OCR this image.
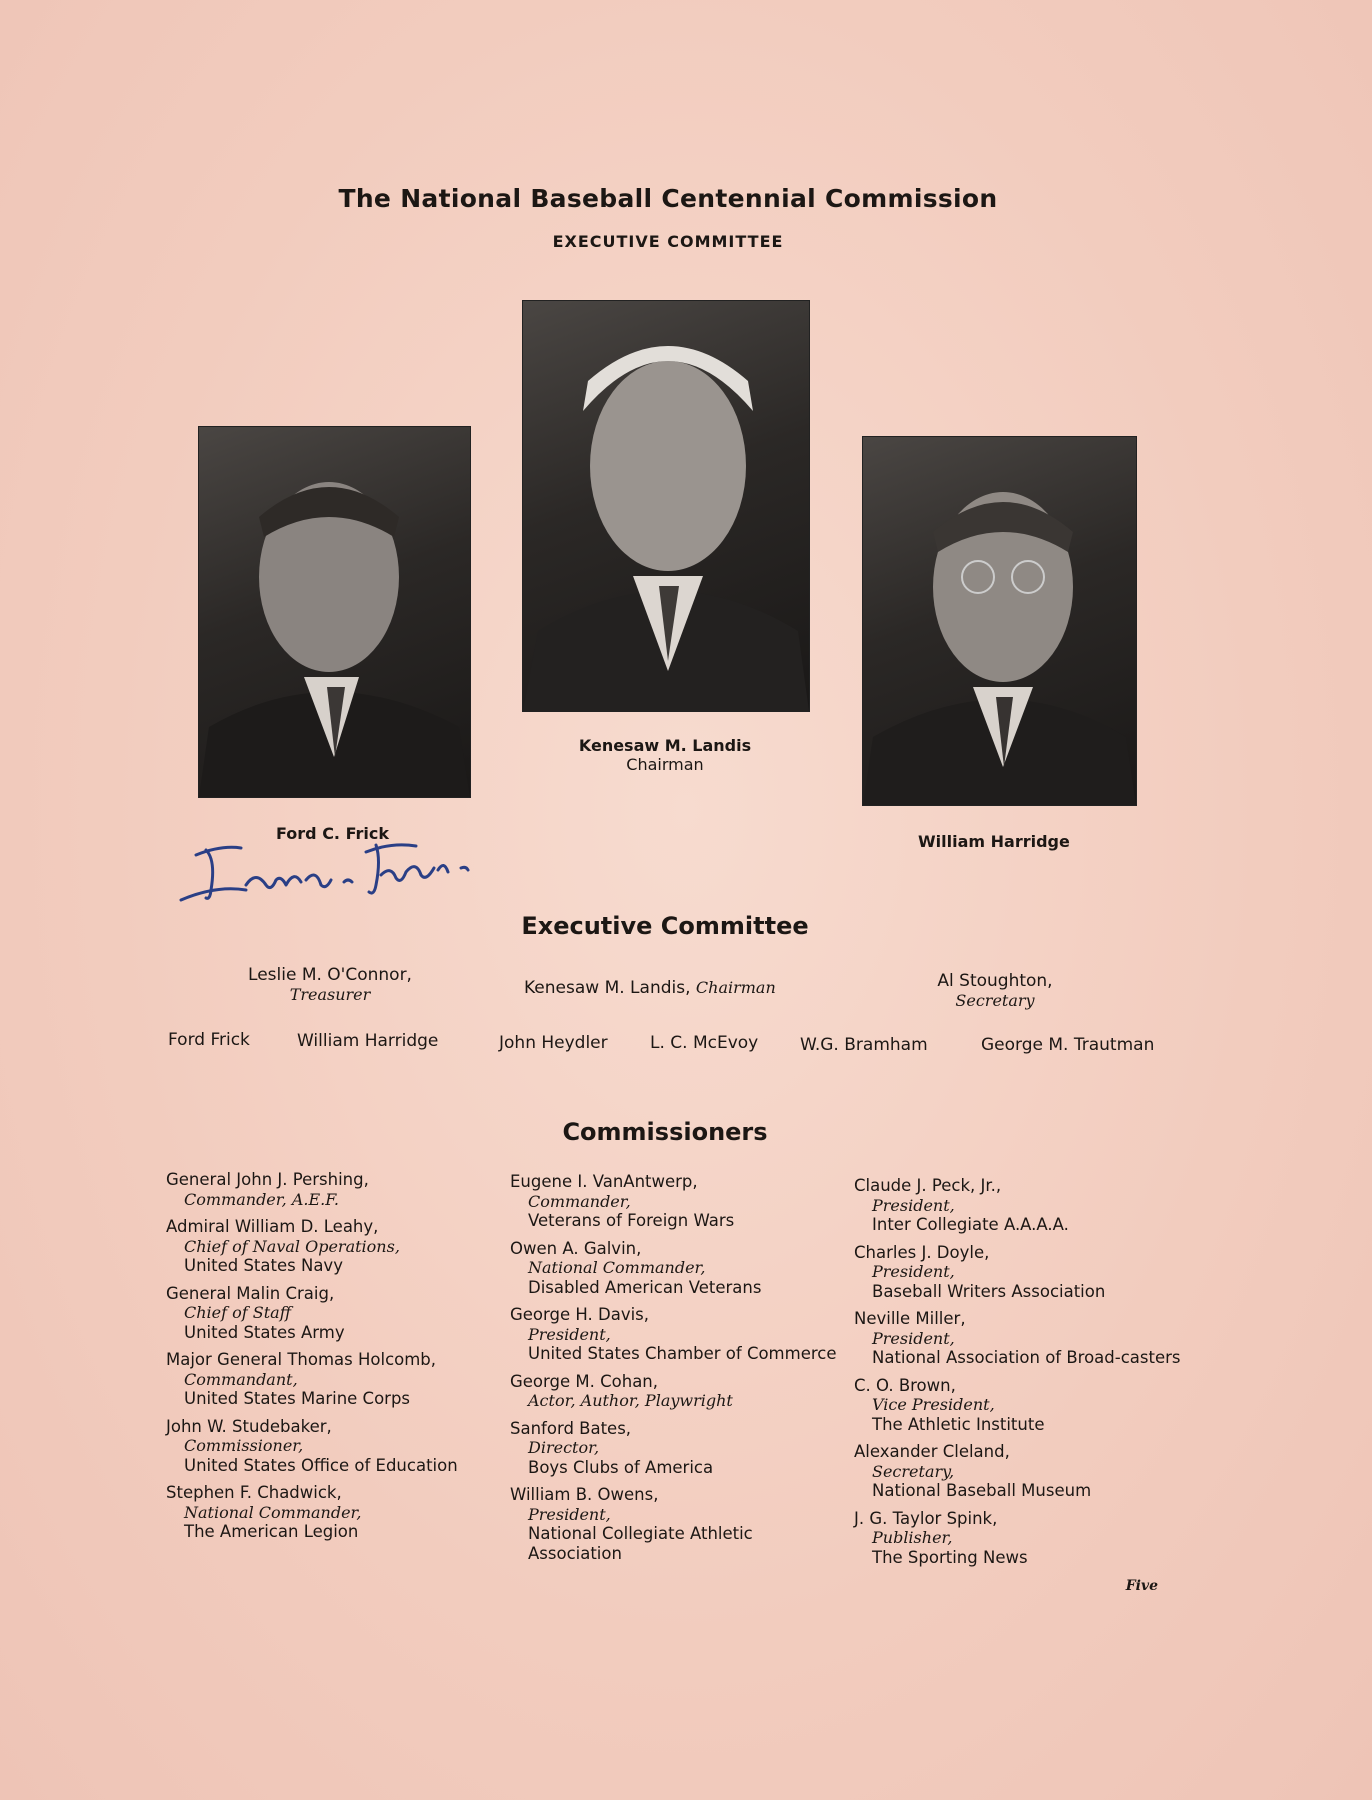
The National Baseball Centennial Commission
EXECUTIVE COMMITTEE
Ford C. Frick
Kenesaw M. Landis
Chairman
William Harridge
Executive Committee
Leslie M. O'Connor,
Treasurer	Kenesaw M. Landis, Chairman	Al Stoughton,
Secretary
Ford Frick	William Harridge	John Heydler L. C. McEvoy W.G. Bramham	George M. Trautman
Commissioners
General John J. Pershing,
Commander, A.E.F.
Admiral William D. Leahy,
Chief of Naval Operations,
United States Navy
General Malin Craig,
Chief of Staff
United States Army
Major General Thomas Holcomb,
Commandant,
United States Marine Corps
John W. Studebaker,
Commissioner,
United States Office of Education
Stephen F. Chadwick,
National Commander,
The American Legion
Eugene I. VanAntwerp,
Commander,
Veterans of Foreign Wars
Owen A. Galvin,
National Commander,
Disabled American Veterans
George H. Davis,
President,
United States Chamber of Commerce
George M. Cohan,
Actor, Author, Playwright
Sanford Bates,
Director,
Boys Clubs of America
William B. Owens,
President,
National Collegiate Athletic Association
Claude J. Peck, Jr.,
President,
Inter Collegiate A.A.A.A.
Charles J. Doyle,
President,
Baseball Writers Association
Neville Miller,
President,
National Association of Broad-casters
C. O. Brown,
Vice President,
The Athletic Institute
Alexander Cleland,
Secretary,
National Baseball Museum
J. G. Taylor Spink,
Publisher,
The Sporting News
Five
